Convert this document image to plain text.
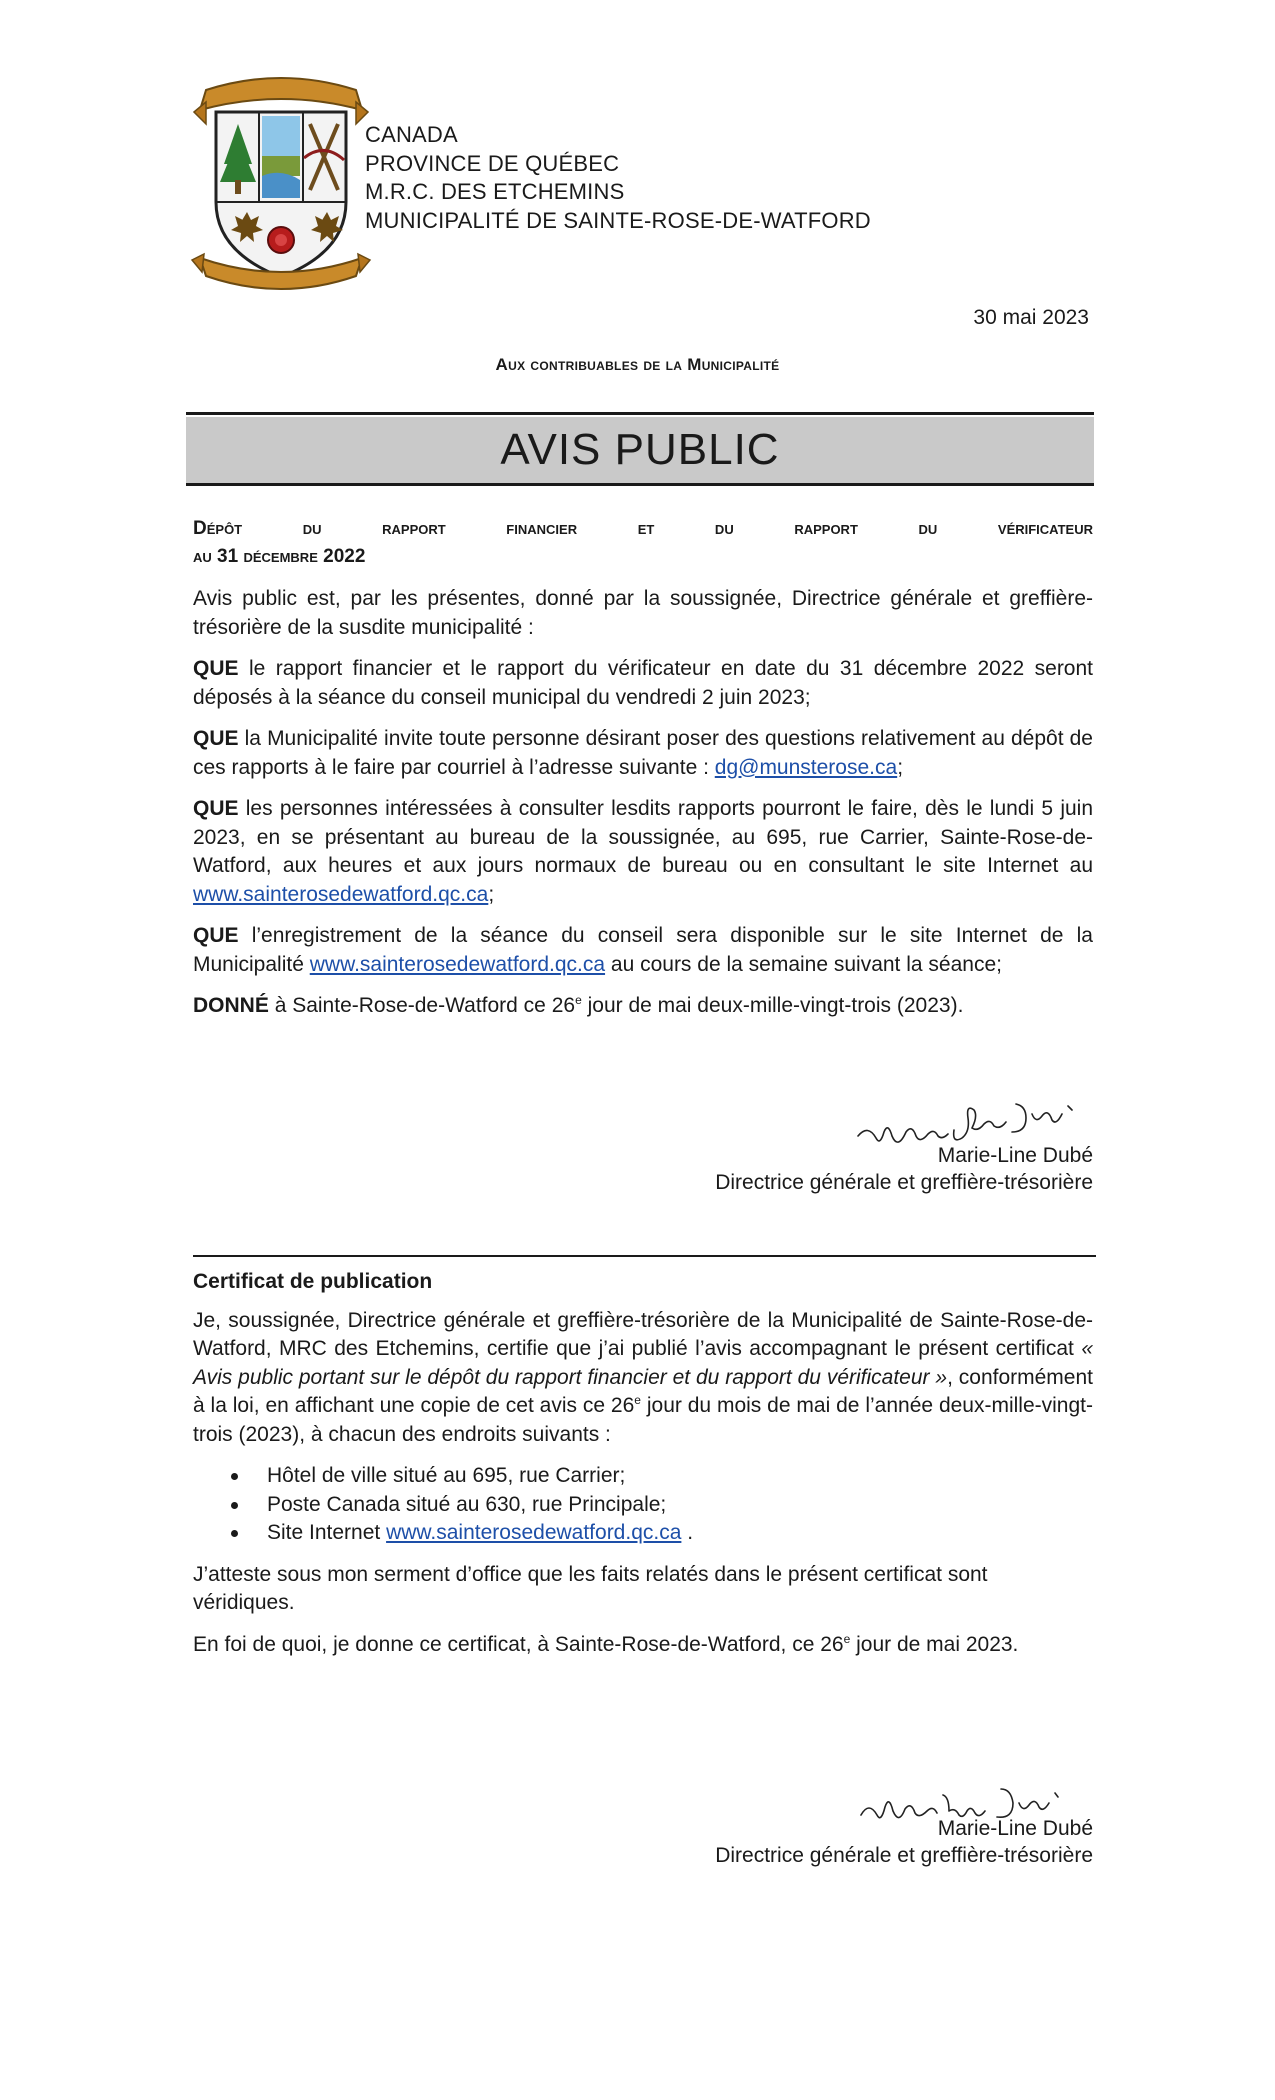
CANADA
PROVINCE DE QUÉBEC
M.R.C. DES ETCHEMINS
MUNICIPALITÉ DE SAINTE-ROSE-DE-WATFORD
30 mai 2023
Aux contribuables de la Municipalité
AVIS PUBLIC

Dépôt du rapport financier et du rapport du vérificateur
au 31 décembre 2022

Avis public est, par les présentes, donné par la soussignée, Directrice générale et greffière-trésorière de la susdite municipalité :

QUE le rapport financier et le rapport du vérificateur en date du 31 décembre 2022 seront déposés à la séance du conseil municipal du vendredi 2 juin 2023;

QUE la Municipalité invite toute personne désirant poser des questions relativement au dépôt de ces rapports à le faire par courriel à l’adresse suivante : dg@munsterose.ca;

QUE les personnes intéressées à consulter lesdits rapports pourront le faire, dès le lundi 5 juin 2023, en se présentant au bureau de la soussignée, au 695, rue Carrier, Sainte-Rose-de-Watford, aux heures et aux jours normaux de bureau ou en consultant le site Internet au www.sainterosedewatford.qc.ca;

QUE l’enregistrement de la séance du conseil sera disponible sur le site Internet de la Municipalité www.sainterosedewatford.qc.ca au cours de la semaine suivant la séance;

DONNÉ à Sainte-Rose-de-Watford ce 26e jour de mai deux-mille-vingt-trois (2023).

Marie-Line Dubé
Directrice générale et greffière-trésorière

Certificat de publication

Je, soussignée, Directrice générale et greffière-trésorière de la Municipalité de Sainte-Rose-de-Watford, MRC des Etchemins, certifie que j’ai publié l’avis accompagnant le présent certificat « Avis public portant sur le dépôt du rapport financier et du rapport du vérificateur », conformément à la loi, en affichant une copie de cet avis ce 26e jour du mois de mai de l’année deux-mille-vingt-trois (2023), à chacun des endroits suivants :

Hôtel de ville situé au 695, rue Carrier;
Poste Canada situé au 630, rue Principale;
Site Internet www.sainterosedewatford.qc.ca .

J’atteste sous mon serment d’office que les faits relatés dans le présent certificat sont véridiques.

En foi de quoi, je donne ce certificat, à Sainte-Rose-de-Watford, ce 26e jour de mai 2023.

Marie-Line Dubé
Directrice générale et greffière-trésorière
